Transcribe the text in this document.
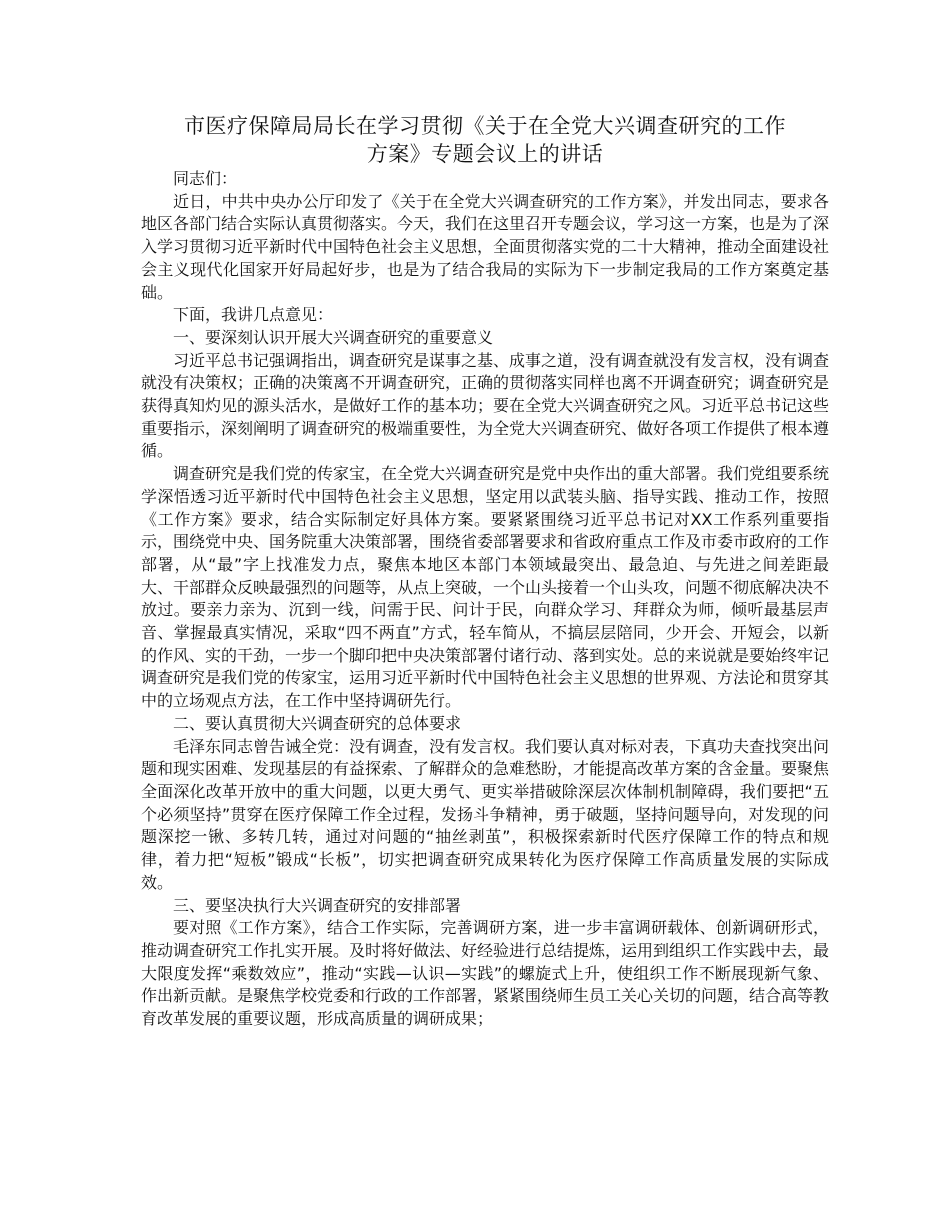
市医疗保障局局长在学习贯彻《关于在全党大兴调查研究的工作
方案》专题会议上的讲话

同志们：

近日，中共中央办公厅印发了《关于在全党大兴调查研究的工作方案》，并发出同志，要求各地区各部门结合实际认真贯彻落实。今天，我们在这里召开专题会议，学习这一方案，也是为了深入学习贯彻习近平新时代中国特色社会主义思想，全面贯彻落实党的二十大精神，推动全面建设社会主义现代化国家开好局起好步，也是为了结合我局的实际为下一步制定我局的工作方案奠定基础。

下面，我讲几点意见：

一、要深刻认识开展大兴调查研究的重要意义

习近平总书记强调指出，调查研究是谋事之基、成事之道，没有调查就没有发言权，没有调查就没有决策权；正确的决策离不开调查研究，正确的贯彻落实同样也离不开调查研究；调查研究是获得真知灼见的源头活水，是做好工作的基本功；要在全党大兴调查研究之风。习近平总书记这些重要指示，深刻阐明了调查研究的极端重要性，为全党大兴调查研究、做好各项工作提供了根本遵循。

调查研究是我们党的传家宝，在全党大兴调查研究是党中央作出的重大部署。我们党组要系统学深悟透习近平新时代中国特色社会主义思想，坚定用以武装头脑、指导实践、推动工作，按照《工作方案》要求，结合实际制定好具体方案。要紧紧围绕习近平总书记对XX工作系列重要指示，围绕党中央、国务院重大决策部署，围绕省委部署要求和省政府重点工作及市委市政府的工作部署，从“最”字上找准发力点，聚焦本地区本部门本领域最突出、最急迫、与先进之间差距最大、干部群众反映最强烈的问题等，从点上突破，一个山头接着一个山头攻，问题不彻底解决决不放过。要亲力亲为、沉到一线，问需于民、问计于民，向群众学习、拜群众为师，倾听最基层声音、掌握最真实情况，采取“四不两直”方式，轻车简从，不搞层层陪同，少开会、开短会，以新的作风、实的干劲，一步一个脚印把中央决策部署付诸行动、落到实处。总的来说就是要始终牢记调查研究是我们党的传家宝，运用习近平新时代中国特色社会主义思想的世界观、方法论和贯穿其中的立场观点方法，在工作中坚持调研先行。

二、要认真贯彻大兴调查研究的总体要求

毛泽东同志曾告诫全党：没有调查，没有发言权。我们要认真对标对表，下真功夫查找突出问题和现实困难、发现基层的有益探索、了解群众的急难愁盼，才能提高改革方案的含金量。要聚焦全面深化改革开放中的重大问题，以更大勇气、更实举措破除深层次体制机制障碍，我们要把“五个必须坚持”贯穿在医疗保障工作全过程，发扬斗争精神，勇于破题，坚持问题导向，对发现的问题深挖一锹、多转几转，通过对问题的“抽丝剥茧”，积极探索新时代医疗保障工作的特点和规律，着力把“短板”锻成“长板”，切实把调查研究成果转化为医疗保障工作高质量发展的实际成效。

三、要坚决执行大兴调查研究的安排部署

要对照《工作方案》，结合工作实际，完善调研方案，进一步丰富调研载体、创新调研形式，推动调查研究工作扎实开展。及时将好做法、好经验进行总结提炼，运用到组织工作实践中去，最大限度发挥“乘数效应”，推动“实践—认识—实践”的螺旋式上升，使组织工作不断展现新气象、作出新贡献。是聚焦学校党委和行政的工作部署，紧紧围绕师生员工关心关切的问题，结合高等教育改革发展的重要议题，形成高质量的调研成果；
